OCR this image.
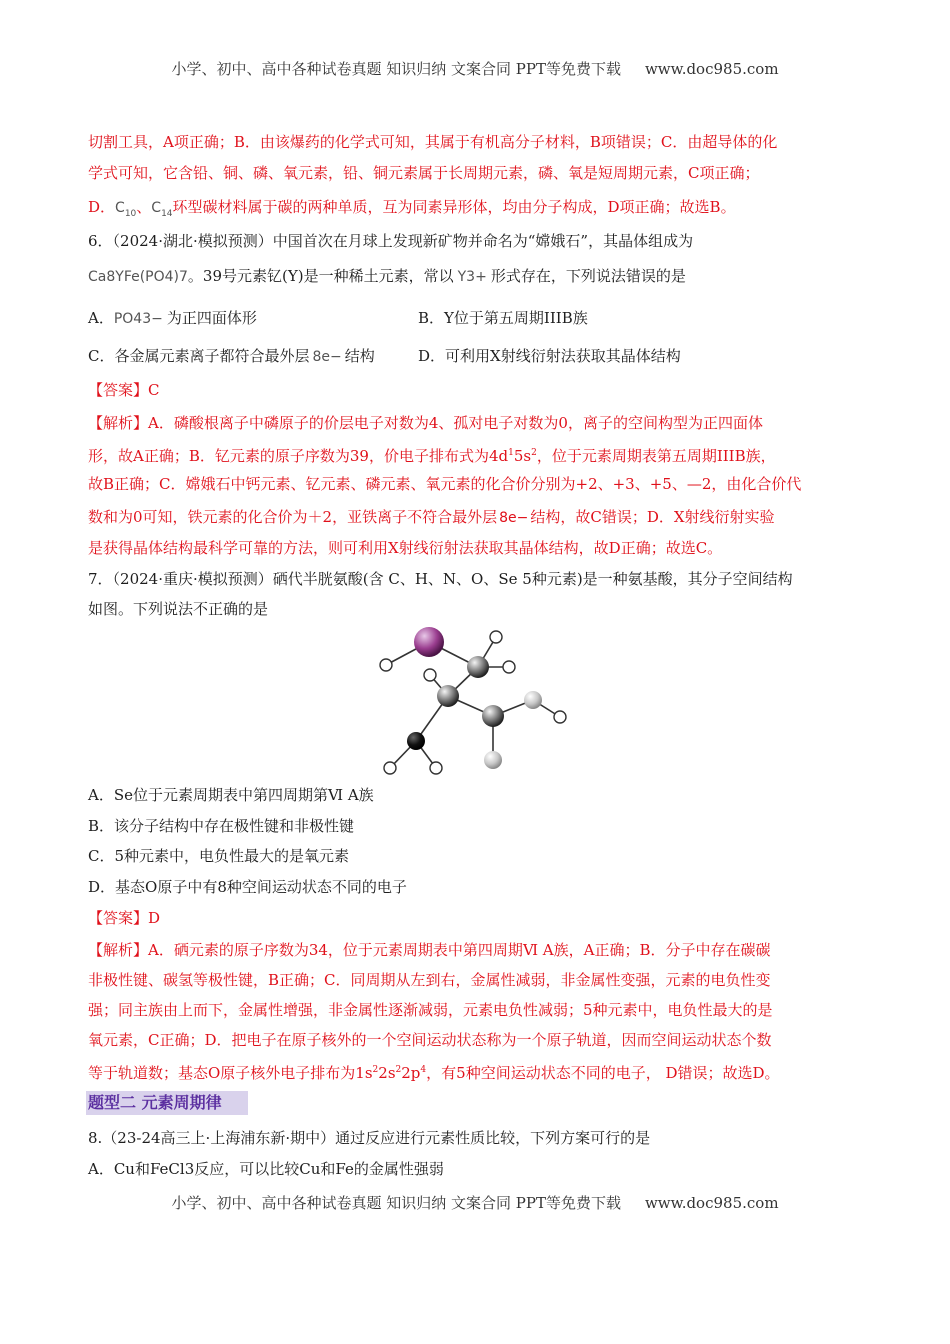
小学、初中、高中各种试卷真题 知识归纳 文案合同 PPT等免费下载 www.doc985.com
切割工具，A项正确；B．由该爆药的化学式可知，其属于有机高分子材料，B项错误；C．由超导体的化
学式可知，它含铅、铜、磷、氧元素，铅、铜元素属于长周期元素，磷、氧是短周期元素，C项正确；
D．$C_{10}$、$C_{14}$环型碳材料属于碳的两种单质，互为同素异形体，均由分子构成，D项正确；故选B。
6．（2024·湖北·模拟预测）中国首次在月球上发现新矿物并命名为“嫦娥石”，其晶体组成为
Ca8YFe(PO4)7。39号元素钇(Y)是一种稀土元素，常以 Y3+ 形式存在，下列说法错误的是
A．PO43− 为正四面体形	B．Y位于第五周期IIIB族
C．各金属元素离子都符合最外层 8e− 结构	D．可利用X射线衍射法获取其晶体结构
【答案】C
【解析】A．磷酸根离子中磷原子的价层电子对数为4、孤对电子对数为0，离子的空间构型为正四面体
形，故A正确；B．钇元素的原子序数为39，价电子排布式为$4d^15s^2$，位于元素周期表第五周期IIIB族，
故B正确；C．嫦娥石中钙元素、钇元素、磷元素、氧元素的化合价分别为+2、+3、+5、—2，由化合价代
数和为0可知，铁元素的化合价为＋2，亚铁离子不符合最外层 8e− 结构，故C错误；D．X射线衍射实验
是获得晶体结构最科学可靠的方法，则可利用X射线衍射法获取其晶体结构，故D正确；故选C。
7．（2024·重庆·模拟预测）硒代半胱氨酸(含 C、H、N、O、Se 5种元素)是一种氨基酸，其分子空间结构
如图。下列说法不正确的是
A．Se位于元素周期表中第四周期第Ⅵ A族
B．该分子结构中存在极性键和非极性键
C．5种元素中，电负性最大的是氧元素
D．基态O原子中有8种空间运动状态不同的电子
【答案】D
【解析】A．硒元素的原子序数为34，位于元素周期表中第四周期Ⅵ A族，A正确；B．分子中存在碳碳
非极性键、碳氢等极性键，B正确；C．同周期从左到右，金属性减弱，非金属性变强，元素的电负性变
强；同主族由上而下，金属性增强，非金属性逐渐减弱，元素电负性减弱；5种元素中，电负性最大的是
氧元素，C正确；D．把电子在原子核外的一个空间运动状态称为一个原子轨道，因而空间运动状态个数
等于轨道数；基态O原子核外电子排布为$1s^22s^22p^4$，有5种空间运动状态不同的电子， D错误；故选D。
题型二 元素周期律
8.（23-24高三上·上海浦东新·期中）通过反应进行元素性质比较，下列方案可行的是
A．Cu和FeCl3反应，可以比较Cu和Fe的金属性强弱
小学、初中、高中各种试卷真题 知识归纳 文案合同 PPT等免费下载 www.doc985.com
